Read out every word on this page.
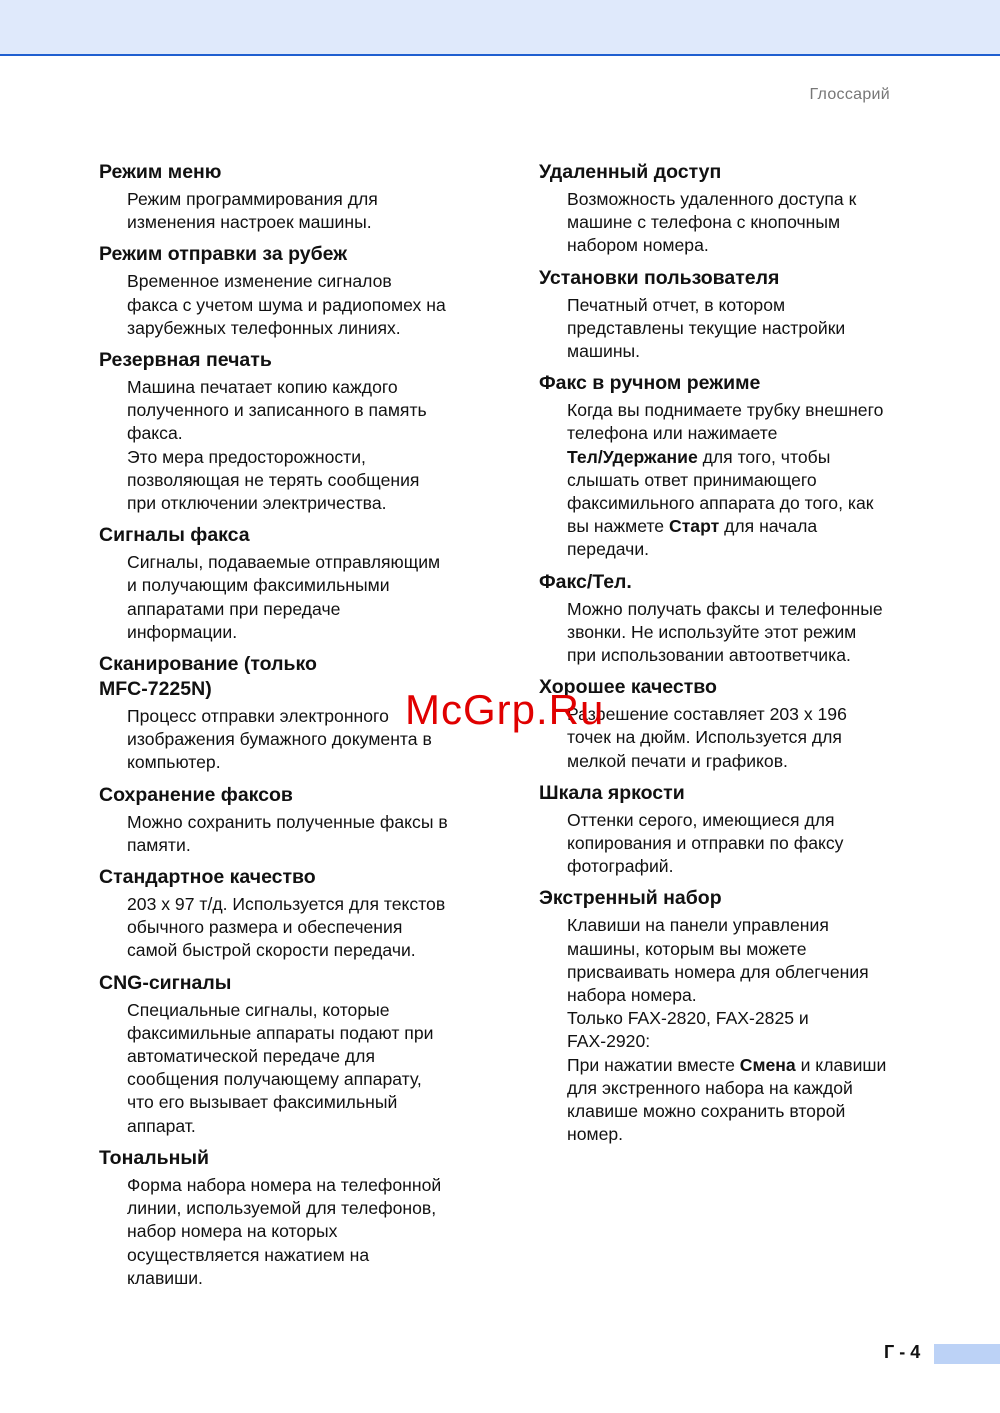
Глоссарий
Режим меню
Режим программирования для
изменения настроек машины.
Режим отправки за рубеж
Временное изменение сигналов
факса с учетом шума и радиопомех на
зарубежных телефонных линиях.
Резервная печать
Машина печатает копию каждого
полученного и записанного в память
факса.
Это мера предосторожности,
позволяющая не терять сообщения
при отключении электричества.
Сигналы факса
Сигналы, подаваемые отправляющим
и получающим факсимильными
аппаратами при передаче
информации.
Сканирование (только
MFC-7225N)
Процесс отправки электронного
изображения бумажного документа в
компьютер.
Сохранение факсов
Можно сохранить полученные факсы в
памяти.
Стандартное качество
203 x 97 т/д. Используется для текстов
обычного размера и обеспечения
самой быстрой скорости передачи.
CNG-сигналы
Специальные сигналы, которые
факсимильные аппараты подают при
автоматической передаче для
сообщения получающему аппарату,
что его вызывает факсимильный
аппарат.
Тональный
Форма набора номера на телефонной
линии, используемой для телефонов,
набор номера на которых
осуществляется нажатием на
клавиши.
Удаленный доступ
Возможность удаленного доступа к
машине с телефона с кнопочным
набором номера.
Установки пользователя
Печатный отчет, в котором
представлены текущие настройки
машины.
Факс в ручном режиме
Когда вы поднимаете трубку внешнего
телефона или нажимаете
Тел/Удержание для того, чтобы
слышать ответ принимающего
факсимильного аппарата до того, как
вы нажмете Старт для начала
передачи.
Факс/Тел.
Можно получать факсы и телефонные
звонки. Не используйте этот режим
при использовании автоответчика.
Хорошее качество
Разрешение составляет 203 x 196
точек на дюйм. Используется для
мелкой печати и графиков.
Шкала яркости
Оттенки серого, имеющиеся для
копирования и отправки по факсу
фотографий.
Экстренный набор
Клавиши на панели управления
машины, которым вы можете
присваивать номера для облегчения
набора номера.
Только FAX-2820, FAX-2825 и
FAX-2920:
При нажатии вместе Смена и клавиши
для экстренного набора на каждой
клавише можно сохранить второй
номер.
McGrp.Ru
Г - 4
